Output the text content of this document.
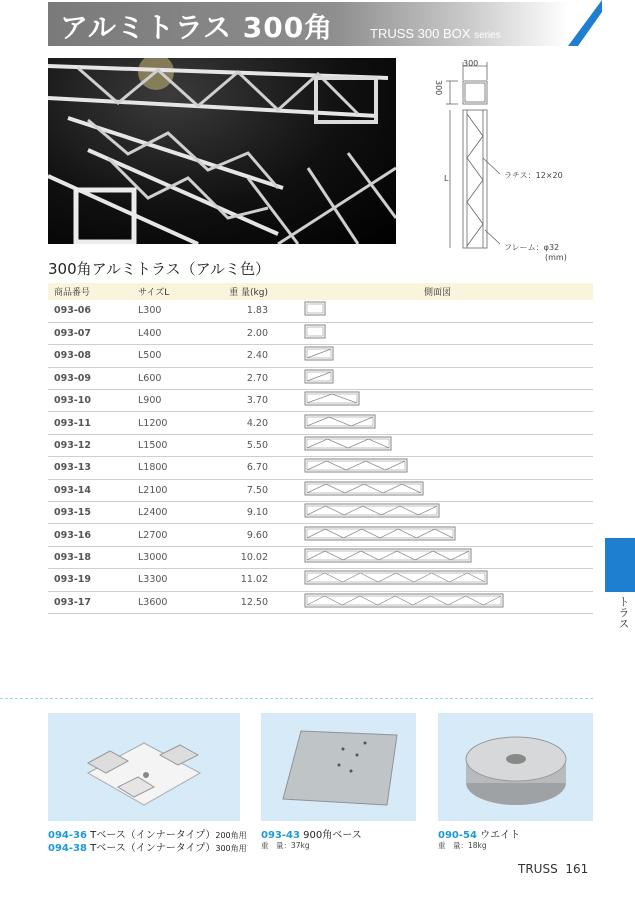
アルミトラス 300角	TRUSS 300 BOX series
300
300
L	ラチス：12×20
フレーム：φ32
(mm)
300角アルミトラス（アルミ色）
商品番号	サイズL	重 量(kg)	側面図
093-06	L300	1.83	
093-07	L400	2.00	
093-08	L500	2.40	
093-09	L600	2.70	
093-10	L900	3.70	
093-11	L1200	4.20	
093-12	L1500	5.50	
093-13	L1800	6.70	
093-14	L2100	7.50	
093-15	L2400	9.10	
093-16	L2700	9.60	
093-18	L3000	10.02	
093-19	L3300	11.02	
093-17	L3600	12.50		トラス
094-36 Tベース（インナータイプ）200角用
094-38 Tベース（インナータイプ）300角用
093-43 900角ベース
重　量：37kg
090-54 ウエイト
重　量：18kg
TRUSS 161
